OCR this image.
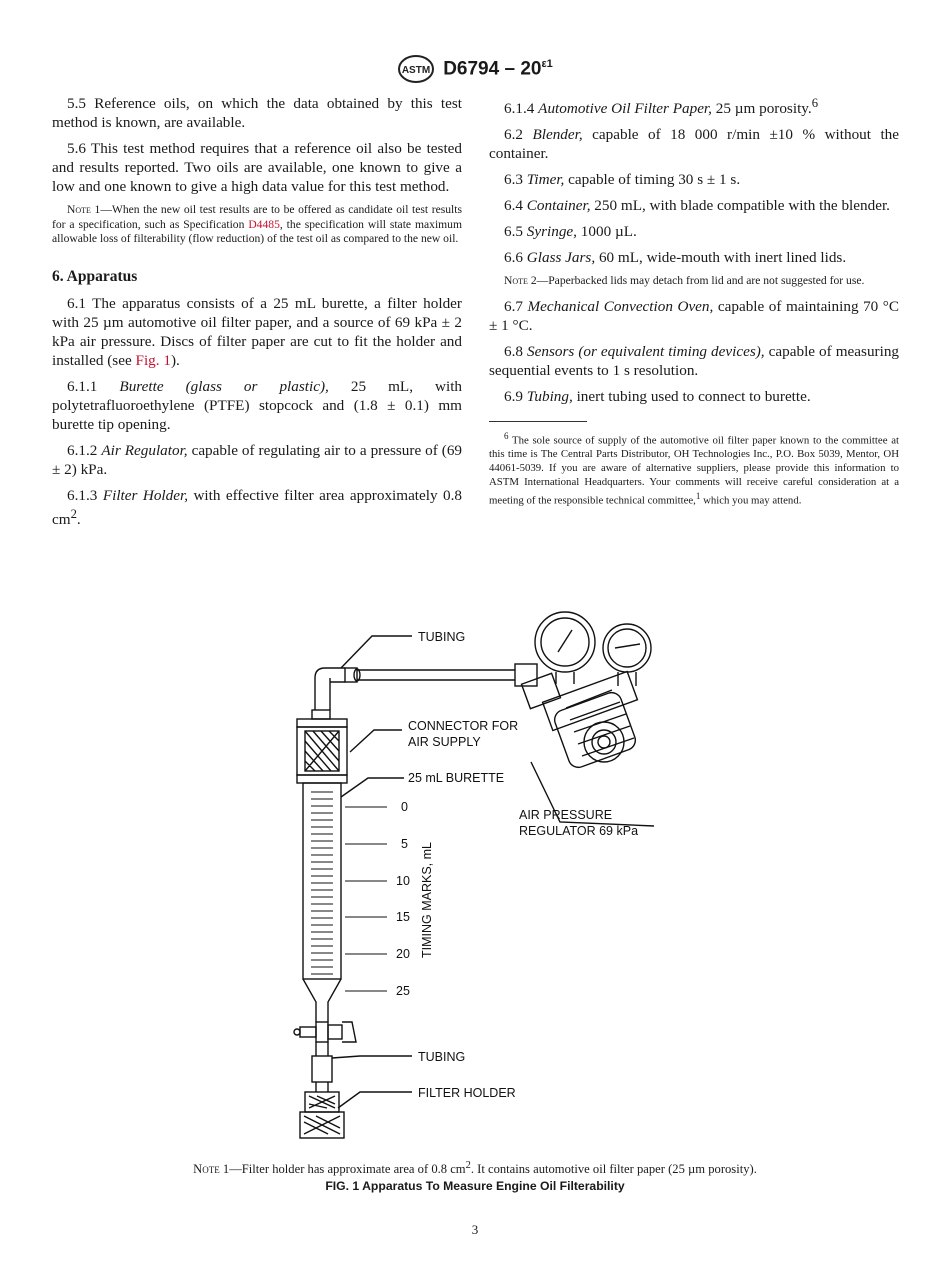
ASTM $D6794 - 20^{\varepsilon 1}$

5.5 Reference oils, on which the data obtained by this test method is known, are available.

5.6 This test method requires that a reference oil also be tested and results reported. Two oils are available, one known to give a low and one known to give a high data value for this test method.

Note 1—When the new oil test results are to be offered as candidate oil test results for a specification, such as Specification D4485, the specification will state maximum allowable loss of filterability (flow reduction) of the test oil as compared to the new oil.
6. Apparatus

6.1 The apparatus consists of a 25 mL burette, a filter holder with 25 µm automotive oil filter paper, and a source of 69 kPa ± 2 kPa air pressure. Discs of filter paper are cut to fit the holder and installed (see Fig. 1).

6.1.1 Burette (glass or plastic), 25 mL, with polytetrafluoroethylene (PTFE) stopcock and (1.8 ± 0.1) mm burette tip opening.

6.1.2 Air Regulator, capable of regulating air to a pressure of (69 ± 2) kPa.

6.1.3 Filter Holder, with effective filter area approximately 0.8 $cm^2$.

6.1.4 Automotive Oil Filter Paper, 25 µm porosity.$^6$

6.2 Blender, capable of 18 000 r/min ±10 % without the container.

6.3 Timer, capable of timing 30 s ± 1 s.

6.4 Container, 250 mL, with blade compatible with the blender.

6.5 Syringe, 1000 µL.

6.6 Glass Jars, 60 mL, wide-mouth with inert lined lids.

Note 2—Paperbacked lids may detach from lid and are not suggested for use.

6.7 Mechanical Convection Oven, capable of maintaining 70 °C ± 1 °C.

6.8 Sensors (or equivalent timing devices), capable of measuring sequential events to 1 s resolution.

6.9 Tubing, inert tubing used to connect to burette.

$^6$ The sole source of supply of the automotive oil filter paper known to the committee at this time is The Central Parts Distributor, OH Technologies Inc., P.O. Box 5039, Mentor, OH 44061-5039. If you are aware of alternative suppliers, please provide this information to ASTM International Headquarters. Your comments will receive careful consideration at a meeting of the responsible technical committee,$^1$ which you may attend.
TUBING
CONNECTOR FOR
AIR SUPPLY
25 mL BURETTE
AIR PRESSURE
REGULATOR 69 kPa
0
5
10
15
20
25
TIMING MARKS, mL
TUBING
FILTER HOLDER
Note 1—Filter holder has approximate area of 0.8 $cm^2$. It contains automotive oil filter paper (25 µm porosity).
FIG. 1 Apparatus To Measure Engine Oil Filterability
3
